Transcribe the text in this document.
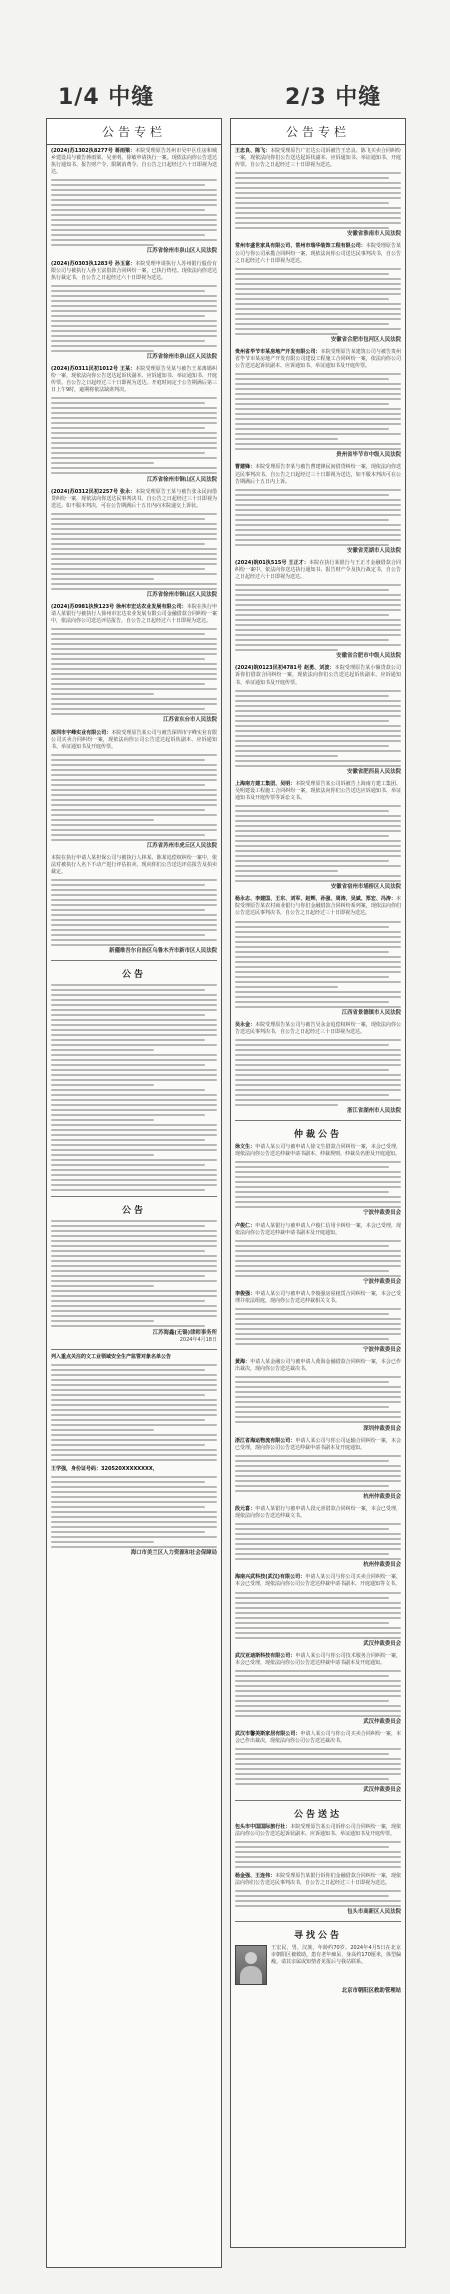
1/4 中缝	2/3 中缝
公告专栏
(2024)苏1302执8277号 蒋雨梁：本院受理原告苏州市吴中区住房和城乡建设局与被告蒋雨梁、吴亚明、徐敏申请执行一案。现依法向你公告送达执行通知书、报告财产令、限制消费令。自公告之日起经过六十日即视为送达。
江苏省徐州市泉山区人民法院
(2024)苏0303执1283号 孙玉富：本院受理申请执行人苏州银行股份有限公司与被执行人孙玉富借款合同纠纷一案，已执行终结。现依法向你送达执行裁定书，自公告之日起经过六十日即视为送达。
江苏省徐州市泉山区人民法院
(2024)苏0311民初1012号 王某：本院受理原告吴某与被告王某离婚纠纷一案，现依法向你公告送达起诉状副本、应诉通知书、举证通知书、开庭传票。自公告之日起经过三十日即视为送达。开庭时间定于公告期满后第三日上午9时，逾期将依法缺席判决。
江苏省徐州市铜山区人民法院
(2024)苏0312民初2257号 张永：本院受理原告王某与被告张永民间借贷纠纷一案，现依法向你送达民事判决书。自公告之日起经过三十日即视为送达。如不服本判决，可在公告期满后十五日内向本院递交上诉状。
江苏省徐州市铜山区人民法院
(2024)苏0981执恢123号 徐州市宏达农业发展有限公司：本院在执行申请人某银行与被执行人徐州市宏达农业发展有限公司金融借款合同纠纷一案中，依法向你公司送达评估报告，自公告之日起经过六十日即视为送达。
江苏省东台市人民法院
深圳市宇峰实业有限公司：本院受理原告某公司与被告深圳市宇峰实业有限公司买卖合同纠纷一案，现依法向你公司公告送达起诉状副本、应诉通知书、举证通知书及开庭传票。
江苏省苏州市虎丘区人民法院
本院在执行申请人某担保公司与被执行人林某、陈某追偿权纠纷一案中，依法对被执行人名下不动产进行评估拍卖。现向你们公告送达评估报告及拍卖裁定。
新疆维吾尔自治区乌鲁木齐市新市区人民法院
公告
公告
江苏海鑫(无锡)律师事务所
2024年4月18日
列入重点关注的文工业领域安全生产监管对象名单公告
王学强，身份证号码：320520XXXXXXXX，
海口市美兰区人力资源和社会保障局
公告专栏
王忠良、陈飞：本院受理原告广宏达公司诉被告王忠良、陈飞买卖合同纠纷一案，现依法向你们公告送达起诉状副本、应诉通知书、举证通知书、开庭传票。自公告之日起经过三十日即视为送达。
安徽省淮南市人民法院
常州市盛世家具有限公司、常州市瑞华装饰工程有限公司：本院受理原告某公司与你公司承揽合同纠纷一案，现依法向你公司送达民事判决书，自公告之日起经过六十日即视为送达。
安徽省合肥市包河区人民法院
贵州省毕节市某房地产开发有限公司：本院受理原告某建筑公司与被告贵州省毕节市某房地产开发有限公司建设工程施工合同纠纷一案，依法向你公司公告送达起诉状副本、应诉通知书、举证通知书及开庭传票。
贵州省毕节市中级人民法院
曹建锋：本院受理原告李某与被告曹建锋民间借贷纠纷一案，现依法向你送达民事判决书。自公告之日起经过三十日即视为送达，如不服本判决可在公告期满后十五日内上诉。
安徽省芜湖市人民法院
(2024)皖01执515号 王正才：本院在执行某银行与王正才金融借款合同纠纷一案中，依法向你送达执行通知书、报告财产令及执行裁定书，自公告之日起经过六十日即视为送达。
安徽省合肥市中级人民法院
(2024)皖0123民初4781号 赵勇、刘波：本院受理原告某小额贷款公司诉你们借款合同纠纷一案，现依法向你们公告送达起诉状副本、应诉通知书、举证通知书及开庭传票。
安徽省肥西县人民法院
上海南方建工集团、吴明：本院受理原告某公司诉被告上海南方建工集团、吴明建设工程施工合同纠纷一案，现依法向你们公告送达应诉通知书、举证通知书及开庭传票等诉讼文书。
安徽省宿州市埇桥区人民法院
杨永志、李建国、王东、刘军、赵辉、孙强、周涛、吴斌、郑宏、冯涛：本院受理原告某农村商业银行与你们金融借款合同纠纷系列案，现依法向你们公告送达民事判决书，自公告之日起经过三十日即视为送达。
江西省景德镇市人民法院
吴永金：本院受理原告某公司与被告吴永金追偿权纠纷一案，现依法向你公告送达民事判决书，自公告之日起经过三十日即视为送达。
浙江省湖州市人民法院
仲裁公告
徐文生：申请人某公司与被申请人徐文生借款合同纠纷一案，本会已受理，现依法向你公告送达仲裁申请书副本、仲裁规则、仲裁员名册及开庭通知。
宁波仲裁委员会
卢俊仁：申请人某银行与被申请人卢俊仁信用卡纠纷一案，本会已受理，现依法向你公告送达仲裁申请书副本及开庭通知。
宁波仲裁委员会
李俊强：申请人某公司与被申请人李俊强房屋租赁合同纠纷一案，本会已受理并依法组庭，现向你公告送达仲裁相关文书。
宁波仲裁委员会
黄海：申请人某金融公司与被申请人黄海金融借款合同纠纷一案，本会已作出裁决，现向你公告送达裁决书。
深圳仲裁委员会
浙江省海运物流有限公司：申请人某公司与你公司运输合同纠纷一案，本会已受理，现向你公司公告送达仲裁申请书副本及开庭通知。
杭州仲裁委员会
段元喜：申请人某银行与被申请人段元喜借款合同纠纷一案，本会已受理，现依法向你公告送达仲裁文书。
杭州仲裁委员会
海南兴武科技(武汉)有限公司：申请人某公司与你公司买卖合同纠纷一案，本会已受理，现依法向你公司公告送达仲裁申请书副本、开庭通知等文书。
武汉仲裁委员会
武汉亚迪斯科技有限公司：申请人某公司与你公司技术服务合同纠纷一案，本会已受理，现依法向你公司公告送达仲裁申请书副本及开庭通知。
武汉仲裁委员会
武汉市馨美斯家居有限公司：申请人某公司与你公司买卖合同纠纷一案，本会已作出裁决，现依法向你公司公告送达裁决书。
武汉仲裁委员会
公告送达
包头市中国国际旅行社：本院受理原告某公司诉你公司合同纠纷一案，现依法向你公司公告送达起诉状副本、应诉通知书、举证通知书及开庭传票。
杨金强、王连伟：本院受理原告某银行诉你们金融借款合同纠纷一案，现依法向你们公告送达民事判决书，自公告之日起经过三十日即视为送达。
包头市高新区人民法院
寻找公告
王宏民，男，汉族，年龄约70岁。2024年4月5日在北京市朝阳区被救助，患有老年痴呆，身高约170厘米，体型偏瘦。请其亲属或知情者见报后与我站联系。
北京市朝阳区救助管理站
